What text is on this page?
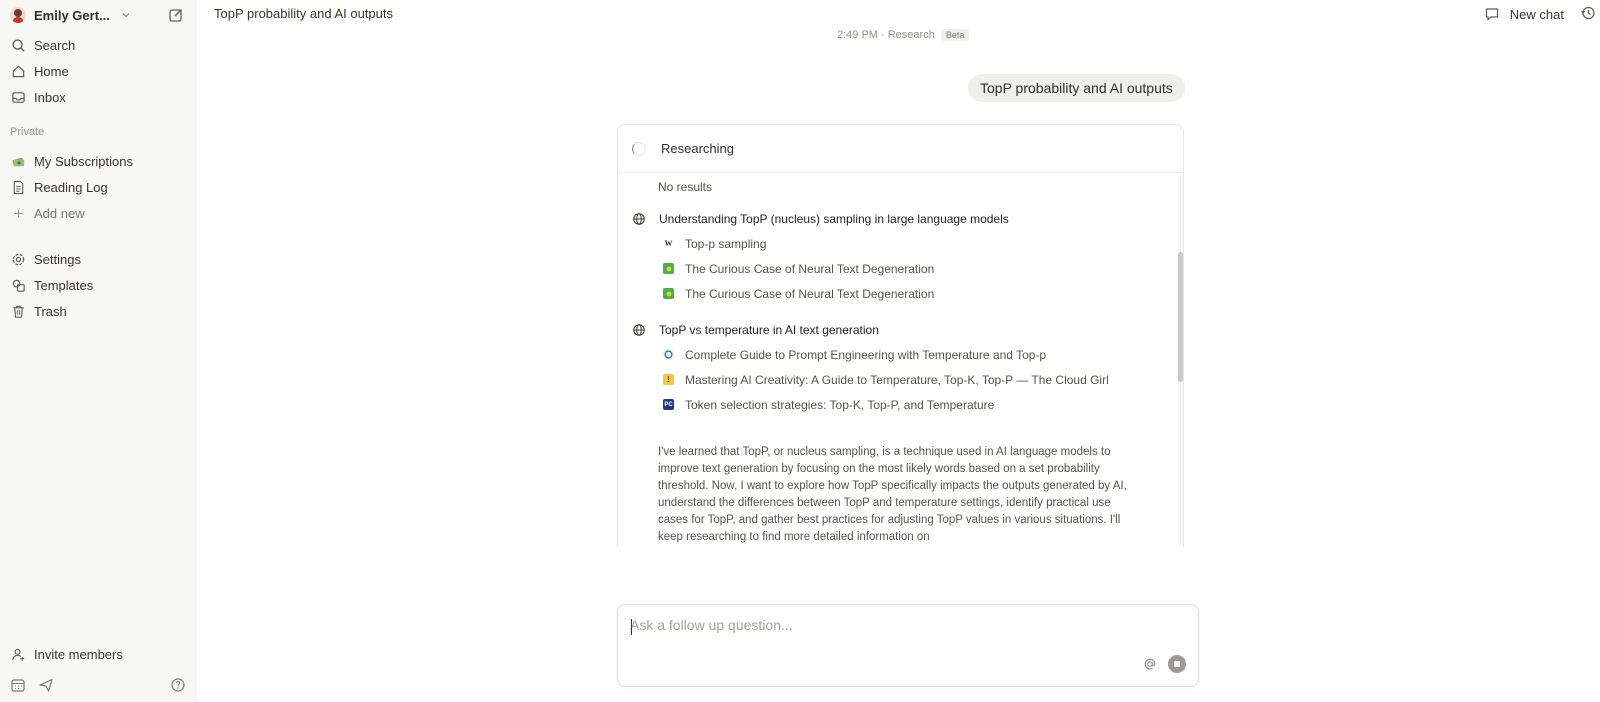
Emily Gert...
Search
Home
Inbox
Private
My Subscriptions
Reading Log
Add new
Settings
Templates
Trash
Invite members
TopP probability and AI outputs	New chat
2:49 PM · Research	Beta
TopP probability and AI outputs
Researching
No results
Understanding TopP (nucleus) sampling in large language models
W Top-p sampling
The Curious Case of Neural Text Degeneration
The Curious Case of Neural Text Degeneration
TopP vs temperature in AI text generation
Complete Guide to Prompt Engineering with Temperature and Top-p
!	Mastering AI Creativity: A Guide to Temperature, Top-K, Top-P — The Cloud Girl
PC Token selection strategies: Top-K, Top-P, and Temperature
I've learned that TopP, or nucleus sampling, is a technique used in AI language models to improve text generation by focusing on the most likely words based on a set probability threshold. Now, I want to explore how TopP specifically impacts the outputs generated by AI, understand the differences between TopP and temperature settings, identify practical use cases for TopP, and gather best practices for adjusting TopP values in various situations. I'll keep researching to find more detailed information on
Ask a follow up question...
